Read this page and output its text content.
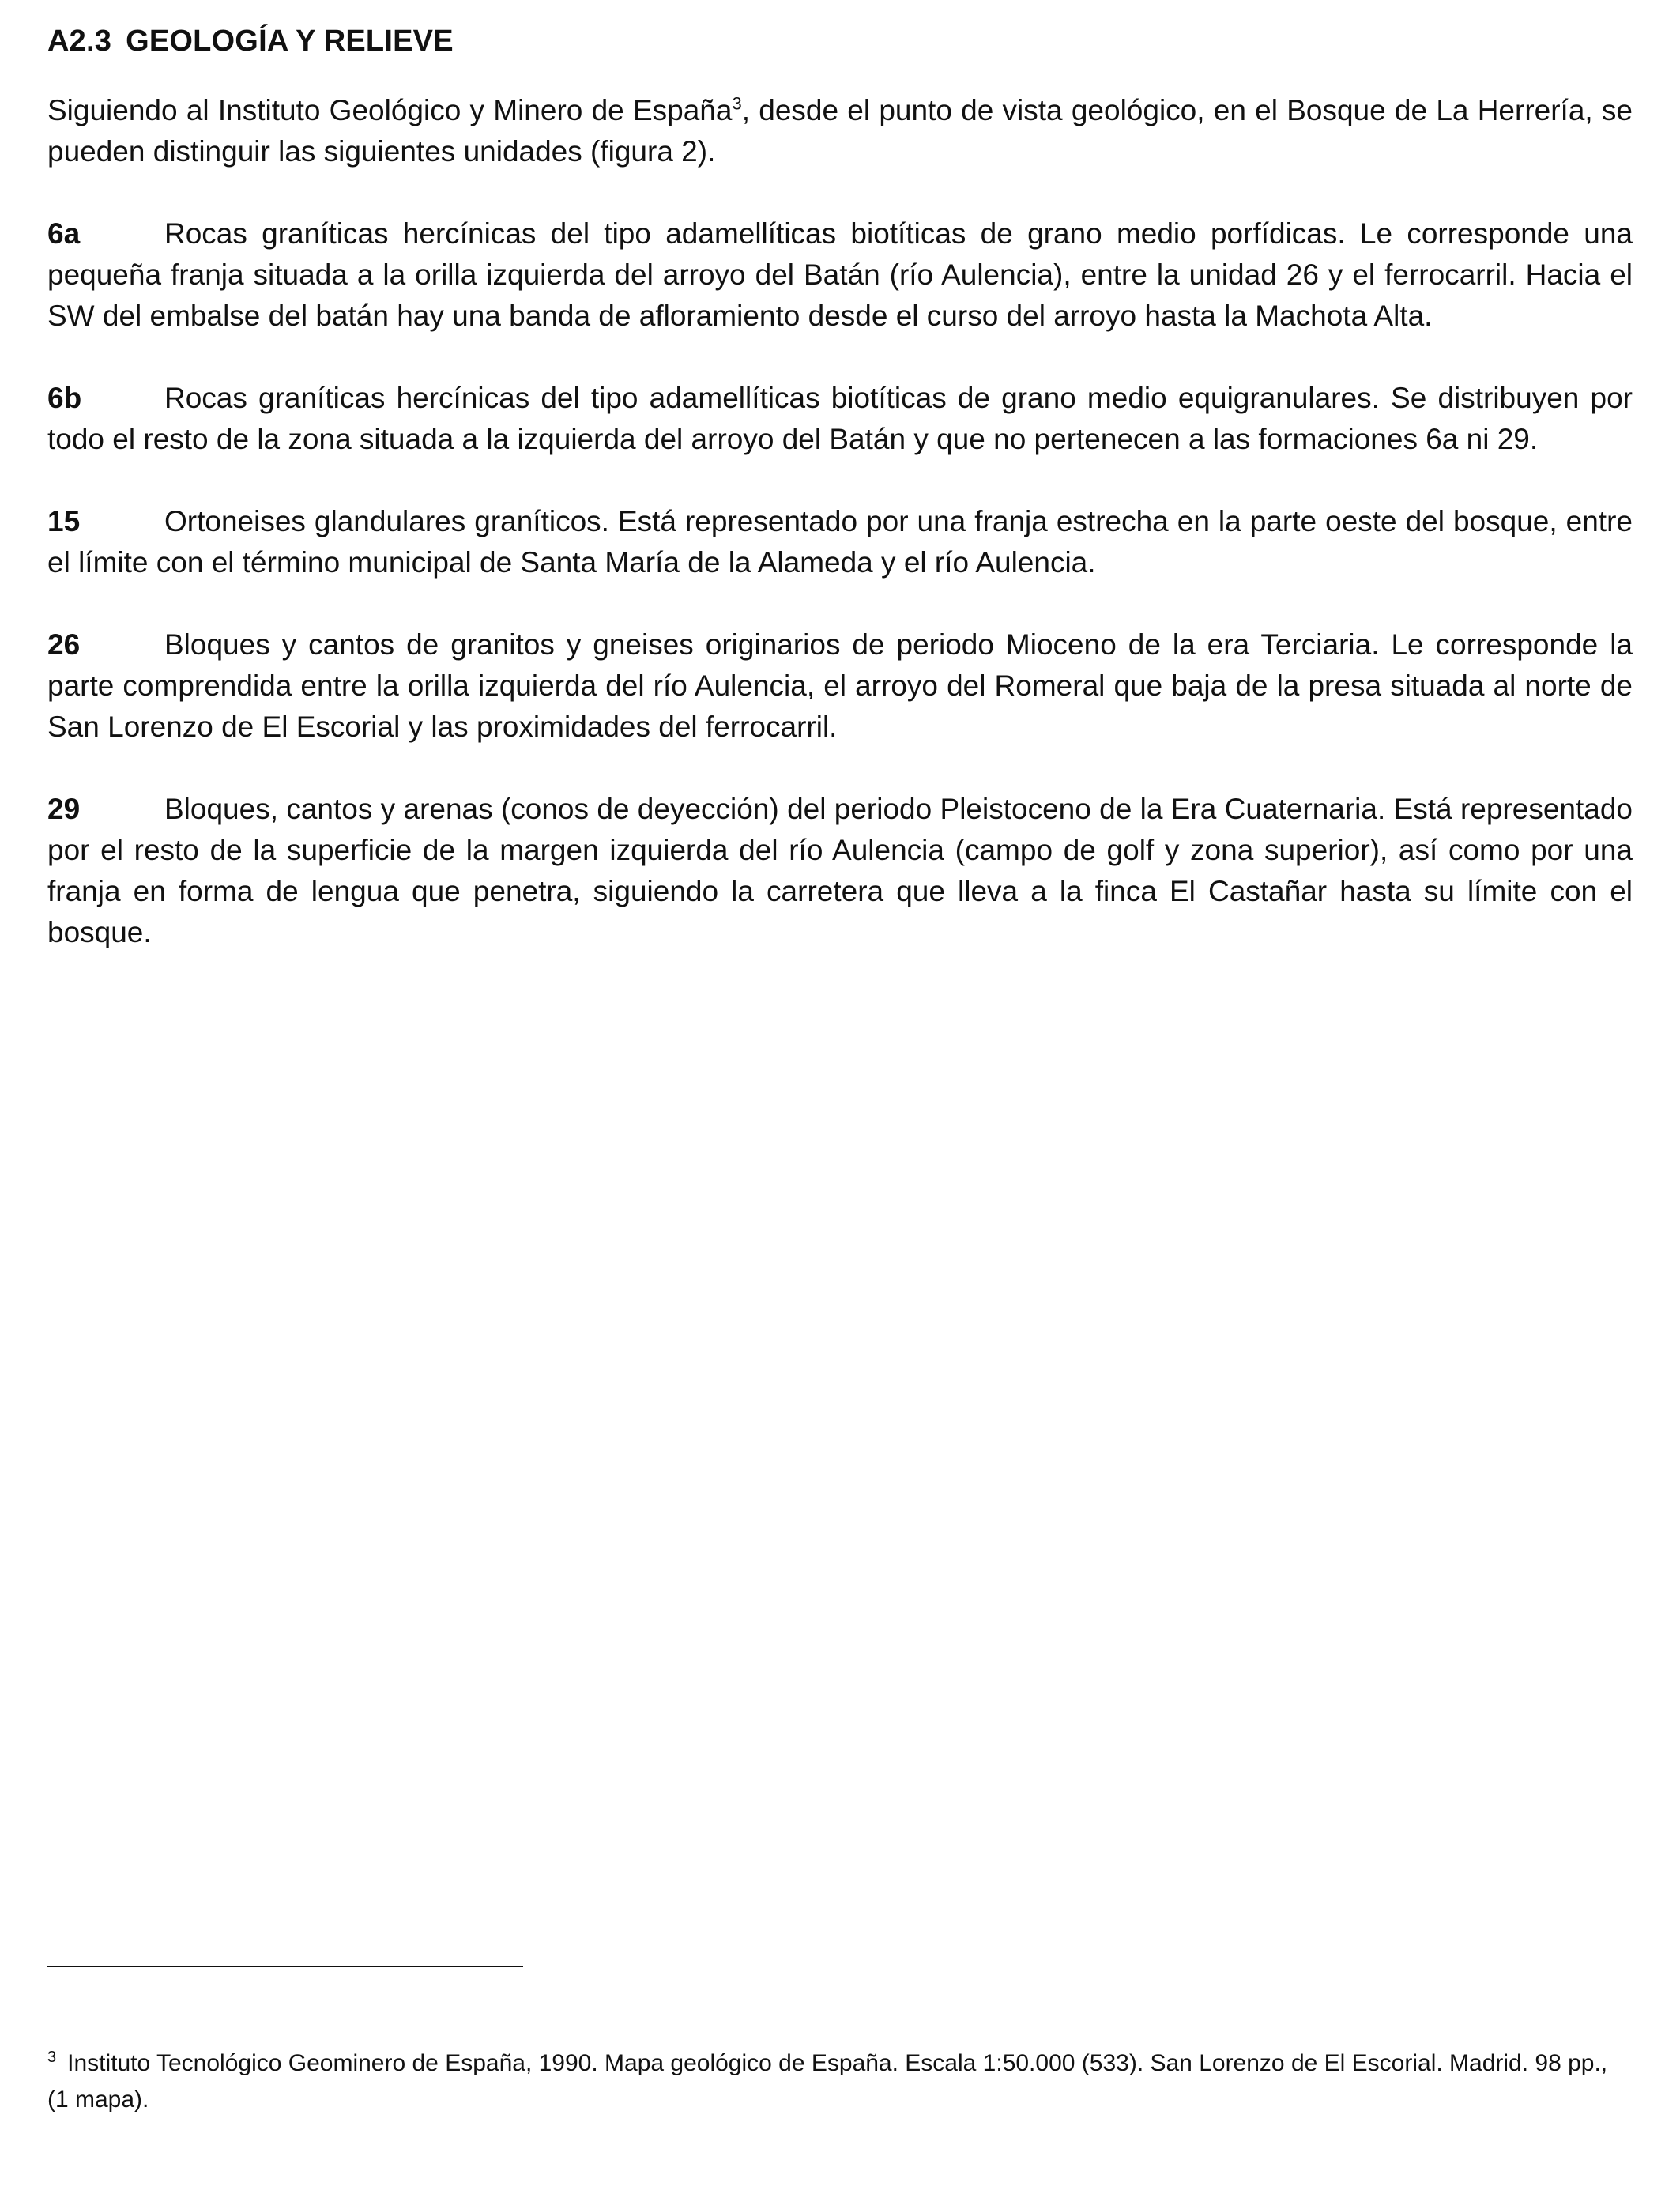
A2.3 GEOLOGÍA Y RELIEVE

Siguiendo al Instituto Geológico y Minero de España$^3$, desde el punto de vista geológico, en el Bosque de La Herrería, se pueden distinguir las siguientes unidades (figura 2).

6a	Rocas graníticas hercínicas del tipo adamellíticas biotíticas de grano medio porfídicas. Le corresponde una pequeña franja situada a la orilla izquierda del arroyo del Batán (río Aulencia), entre la unidad 26 y el ferrocarril. Hacia el SW del embalse del batán hay una banda de afloramiento desde el curso del arroyo hasta la Machota Alta.

6b	Rocas graníticas hercínicas del tipo adamellíticas biotíticas de grano medio equigranulares. Se distribuyen por todo el resto de la zona situada a la izquierda del arroyo del Batán y que no pertenecen a las formaciones 6a ni 29.

15	Ortoneises glandulares graníticos. Está representado por una franja estrecha en la parte oeste del bosque, entre el límite con el término municipal de Santa María de la Alameda y el río Aulencia.

26	Bloques y cantos de granitos y gneises originarios de periodo Mioceno de la era Terciaria. Le corresponde la parte comprendida entre la orilla izquierda del río Aulencia, el arroyo del Romeral que baja de la presa situada al norte de San Lorenzo de El Escorial y las proximidades del ferrocarril.

29	Bloques, cantos y arenas (conos de deyección) del periodo Pleistoceno de la Era Cuaternaria. Está representado por el resto de la superficie de la margen izquierda del río Aulencia (campo de golf y zona superior), así como por una franja en forma de lengua que penetra, siguiendo la carretera que lleva a la finca El Castañar hasta su límite con el bosque.

$^3$ Instituto Tecnológico Geominero de España, 1990. Mapa geológico de España. Escala 1:50.000 (533). San Lorenzo de El Escorial. Madrid. 98 pp., (1 mapa).
